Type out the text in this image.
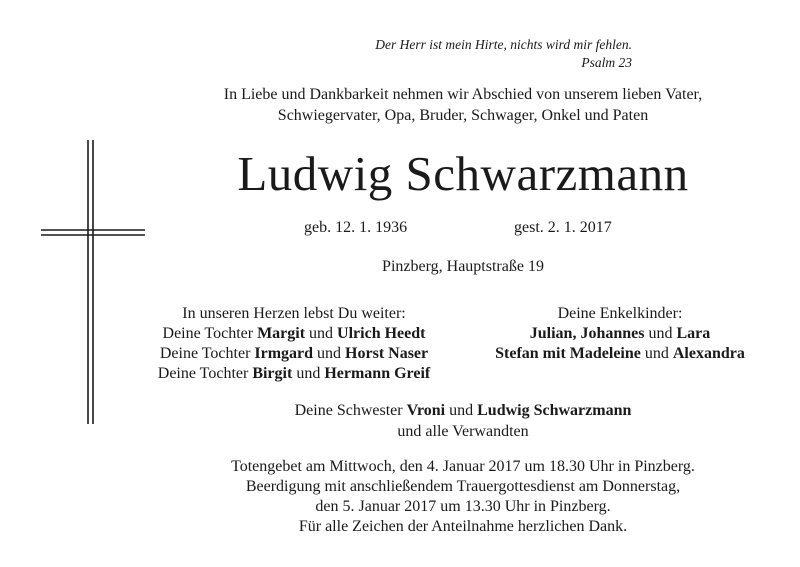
Der Herr ist mein Hirte, nichts wird mir fehlen.
Psalm 23
In Liebe und Dankbarkeit nehmen wir Abschied von unserem lieben Vater,
Schwiegervater, Opa, Bruder, Schwager, Onkel und Paten
Ludwig Schwarzmann
geb. 12. 1. 1936	gest. 2. 1. 2017
Pinzberg, Hauptstraße 19
In unseren Herzen lebst Du weiter:
Deine Tochter Margit und Ulrich Heedt
Deine Tochter Irmgard und Horst Naser
Deine Tochter Birgit und Hermann Greif
Deine Enkelkinder:
Julian, Johannes und Lara
Stefan mit Madeleine und Alexandra
Deine Schwester Vroni und Ludwig Schwarzmann
und alle Verwandten
Totengebet am Mittwoch, den 4. Januar 2017 um 18.30 Uhr in Pinzberg.
Beerdigung mit anschließendem Trauergottesdienst am Donnerstag,
den 5. Januar 2017 um 13.30 Uhr in Pinzberg.
Für alle Zeichen der Anteilnahme herzlichen Dank.
